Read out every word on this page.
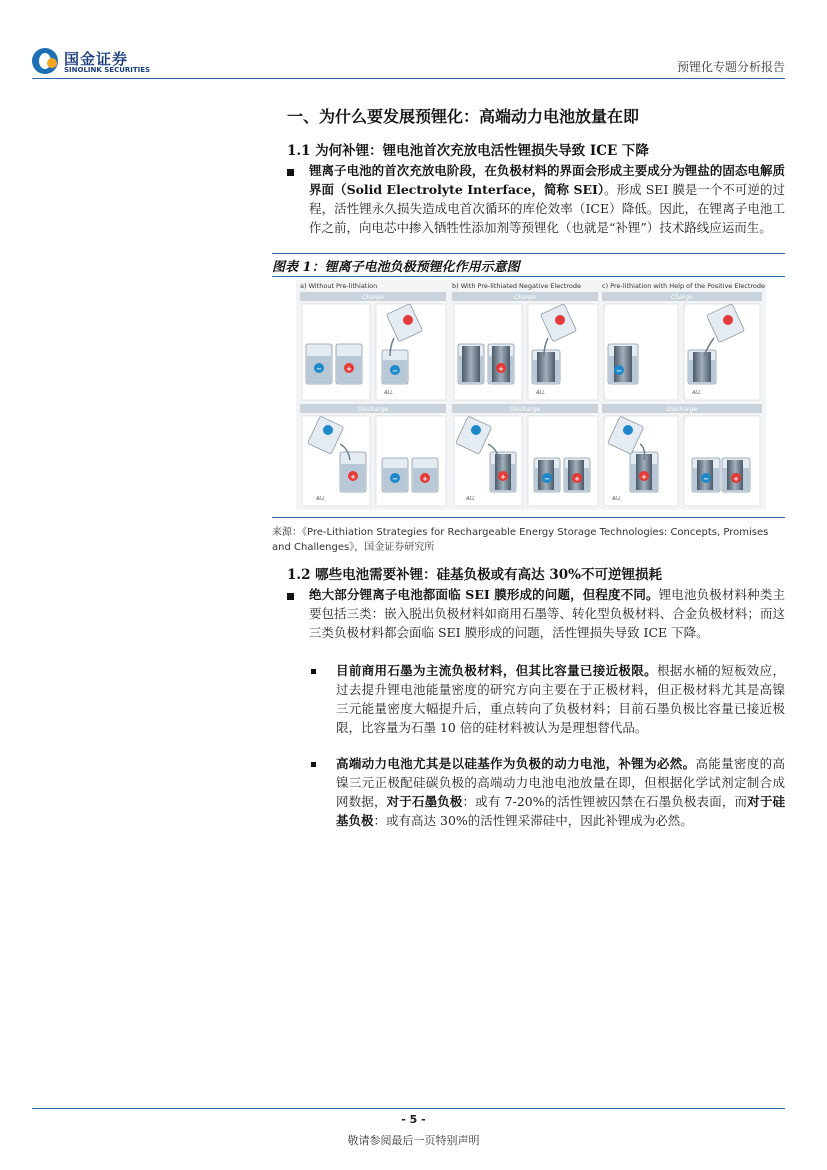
国金证券
SINOLINK SECURITIES	预锂化专题分析报告
一、为什么要发展预锂化：高端动力电池放量在即
1.1 为何补锂：锂电池首次充放电活性锂损失导致 ICE 下降
锂离子电池的首次充放电阶段，在负极材料的界面会形成主要成分为锂盐的固态电解质界面（Solid Electrolyte Interface，简称 SEI）。形成 SEI 膜是一个不可逆的过程，活性锂永久损失造成电首次循环的库伦效率（ICE）降低。因此，在锂离子电池工作之前，向电芯中掺入牺牲性添加剂等预锂化（也就是“补锂”）技术路线应运而生。
图表 1：锂离子电池负极预锂化作用示意图
a) Without Pre-lithiation	b) With Pre-lithiated Negative Electrode	c) Pre-lithiation with Help of the Positive Electrode
Charge	Charge	Charge
Discharge	Discharge	Discharge
−	−
−	−	−
−
+	+
+	+	+	+	+	+
ALL	ALL	ALL
ALL	ALL	ALL
来源：《Pre-Lithiation Strategies for Rechargeable Energy Storage Technologies: Concepts, Promises and Challenges》，国金证券研究所
1.2 哪些电池需要补锂：硅基负极或有高达 30%不可逆锂损耗
绝大部分锂离子电池都面临 SEI 膜形成的问题，但程度不同。锂电池负极材料种类主要包括三类：嵌入脱出负极材料如商用石墨等、转化型负极材料、合金负极材料；而这三类负极材料都会面临 SEI 膜形成的问题，活性锂损失导致 ICE 下降。
目前商用石墨为主流负极材料，但其比容量已接近极限。根据水桶的短板效应，过去提升锂电池能量密度的研究方向主要在于正极材料，但正极材料尤其是高镍三元能量密度大幅提升后，重点转向了负极材料；目前石墨负极比容量已接近极限，比容量为石墨 10 倍的硅材料被认为是理想替代品。
高端动力电池尤其是以硅基作为负极的动力电池，补锂为必然。高能量密度的高镍三元正极配硅碳负极的高端动力电池电池放量在即，但根据化学试剂定制合成网数据，对于石墨负极：或有 7-20%的活性锂被囚禁在石墨负极表面，而对于硅基负极：或有高达 30%的活性锂采滞硅中，因此补锂成为必然。
- 5 -
敬请参阅最后一页特别声明
